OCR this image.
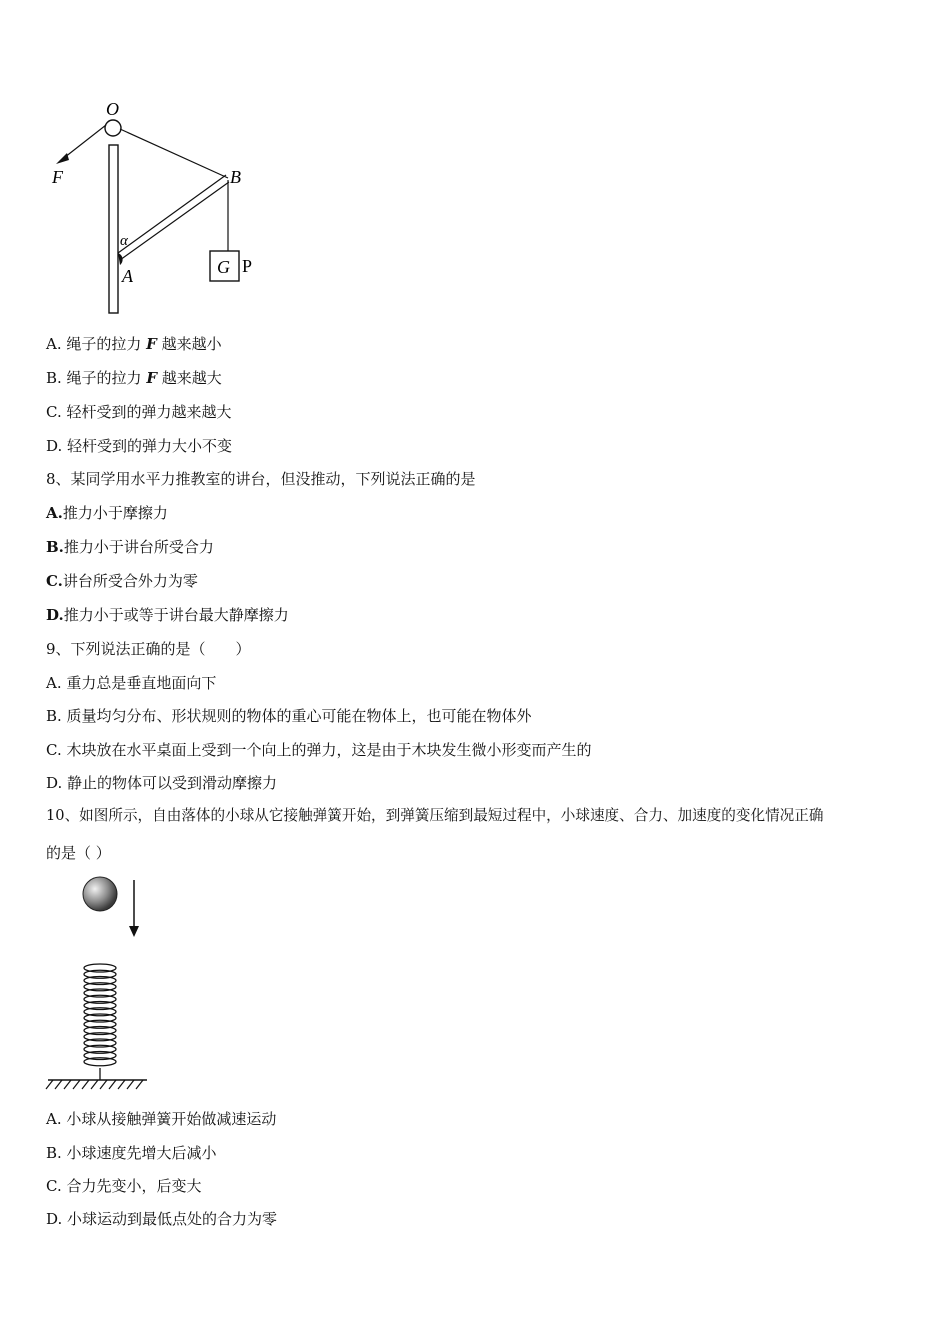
O
F	B
α
A	G P
A. 绳子的拉力 F 越来越小
B. 绳子的拉力 F 越来越大
C. 轻杆受到的弹力越来越大
D. 轻杆受到的弹力大小不变
8、某同学用水平力推教室的讲台，但没推动，下列说法正确的是
A.推力小于摩擦力
B.推力小于讲台所受合力
C.讲台所受合外力为零
D.推力小于或等于讲台最大静摩擦力
9、下列说法正确的是（　　）
A. 重力总是垂直地面向下
B. 质量均匀分布、形状规则的物体的重心可能在物体上，也可能在物体外
C. 木块放在水平桌面上受到一个向上的弹力，这是由于木块发生微小形变而产生的
D. 静止的物体可以受到滑动摩擦力
10、如图所示，自由落体的小球从它接触弹簧开始，到弹簧压缩到最短过程中，小球速度、合力、加速度的变化情况正确
的是（ ）
A. 小球从接触弹簧开始做减速运动
B. 小球速度先增大后减小
C. 合力先变小，后变大
D. 小球运动到最低点处的合力为零
